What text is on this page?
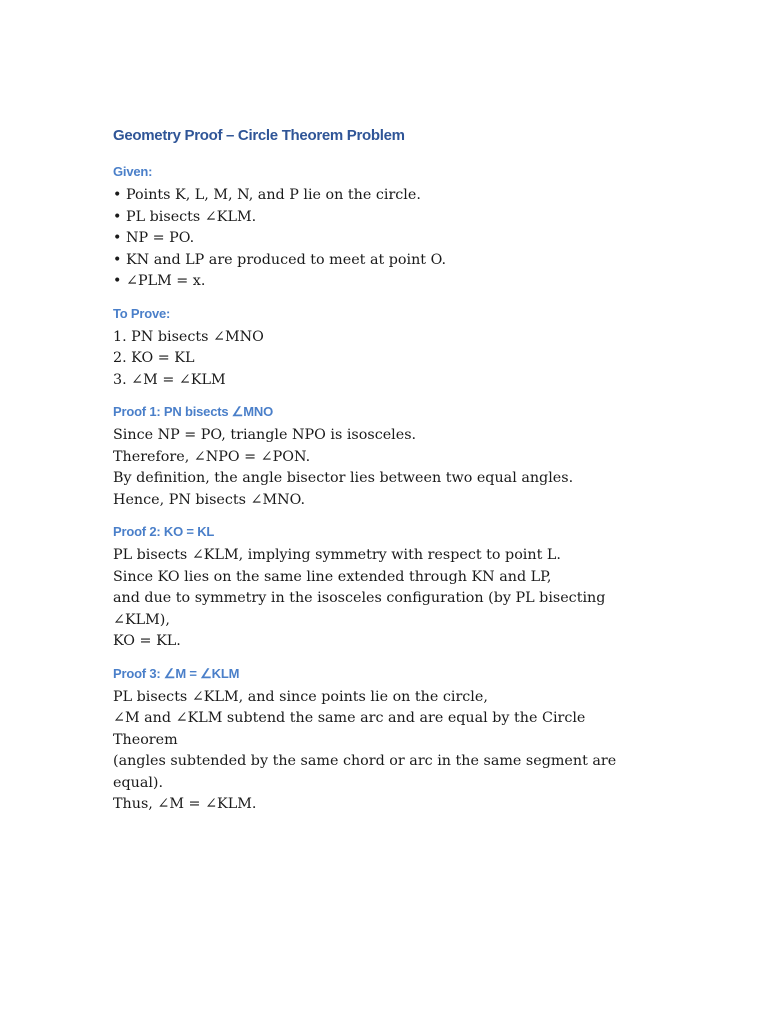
Geometry Proof – Circle Theorem Problem
Given:

• Points K, L, M, N, and P lie on the circle.

• PL bisects ∠KLM.

• NP = PO.

• KN and LP are produced to meet at point O.

• ∠PLM = x.

To Prove:

1. PN bisects ∠MNO

2. KO = KL

3. ∠M = ∠KLM

Proof 1: PN bisects ∠MNO

Since NP = PO, triangle NPO is isosceles.

Therefore, ∠NPO = ∠PON.

By definition, the angle bisector lies between two equal angles.

Hence, PN bisects ∠MNO.

Proof 2: KO = KL

PL bisects ∠KLM, implying symmetry with respect to point L.

Since KO lies on the same line extended through KN and LP,

and due to symmetry in the isosceles configuration (by PL bisecting

∠KLM),

KO = KL.

Proof 3: ∠M = ∠KLM

PL bisects ∠KLM, and since points lie on the circle,

∠M and ∠KLM subtend the same arc and are equal by the Circle

Theorem

(angles subtended by the same chord or arc in the same segment are

equal).

Thus, ∠M = ∠KLM.
